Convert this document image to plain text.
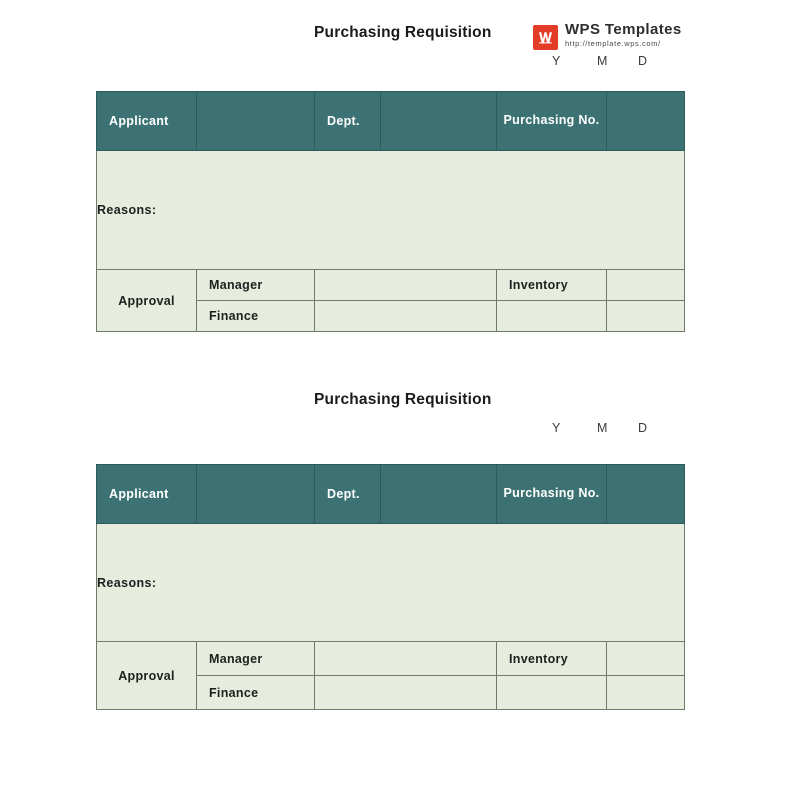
Purchasing Requisition	WPS Templates
http://template.wps.com/
Y	M D
Applicant		Dept.		Purchasing No.	
Reasons:					
Approval	Manager			Inventory	
	Finance				
Purchasing Requisition
Y	M D
Applicant		Dept.		Purchasing No.	
Reasons:					
Approval	Manager			Inventory	
	Finance				
